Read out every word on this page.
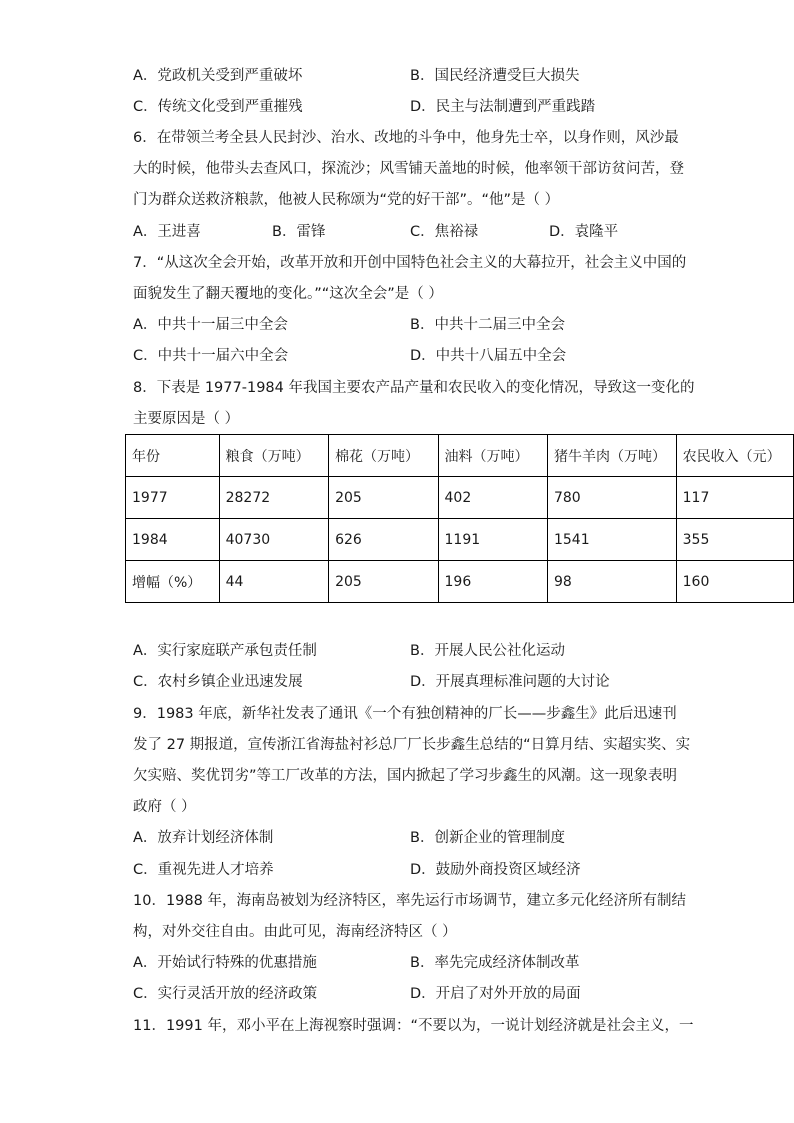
A．党政机关受到严重破坏	B．国民经济遭受巨大损失
C．传统文化受到严重摧残	D．民主与法制遭到严重践踏
6．在带领兰考全县人民封沙、治水、改地的斗争中，他身先士卒，以身作则，风沙最
大的时候，他带头去查风口，探流沙；风雪铺天盖地的时候，他率领干部访贫问苦，登
门为群众送救济粮款，他被人民称颂为“党的好干部”。“他”是（ ）
A．王进喜	B．雷锋	C．焦裕禄	D．袁隆平
7．“从这次全会开始，改革开放和开创中国特色社会主义的大幕拉开，社会主义中国的
面貌发生了翻天覆地的变化。”“这次全会”是（ ）
A．中共十一届三中全会	B．中共十二届三中全会
C．中共十一届六中全会	D．中共十八届五中全会
8．下表是 1977-1984 年我国主要农产品产量和农民收入的变化情况，导致这一变化的
主要原因是（ ）
年份	粮食（万吨）	棉花（万吨）	油料（万吨）	猪牛羊肉（万吨）	农民收入（元）
1977	28272	205	402	780	117
1984	40730	626	1191	1541	355
增幅（%）	44	205	196	98	160
A．实行家庭联产承包责任制	B．开展人民公社化运动
C．农村乡镇企业迅速发展	D．开展真理标准问题的大讨论
9．1983 年底，新华社发表了通讯《一个有独创精神的厂长——步鑫生》此后迅速刊
发了 27 期报道，宣传浙江省海盐衬衫总厂厂长步鑫生总结的“日算月结、实超实奖、实
欠实赔、奖优罚劣”等工厂改革的方法，国内掀起了学习步鑫生的风潮。这一现象表明
政府（ ）
A．放弃计划经济体制	B．创新企业的管理制度
C．重视先进人才培养	D．鼓励外商投资区域经济
10．1988 年，海南岛被划为经济特区，率先运行市场调节，建立多元化经济所有制结
构，对外交往自由。由此可见，海南经济特区（ ）
A．开始试行特殊的优惠措施	B．率先完成经济体制改革
C．实行灵活开放的经济政策	D．开启了对外开放的局面
11．1991 年，邓小平在上海视察时强调：“不要以为，一说计划经济就是社会主义，一
